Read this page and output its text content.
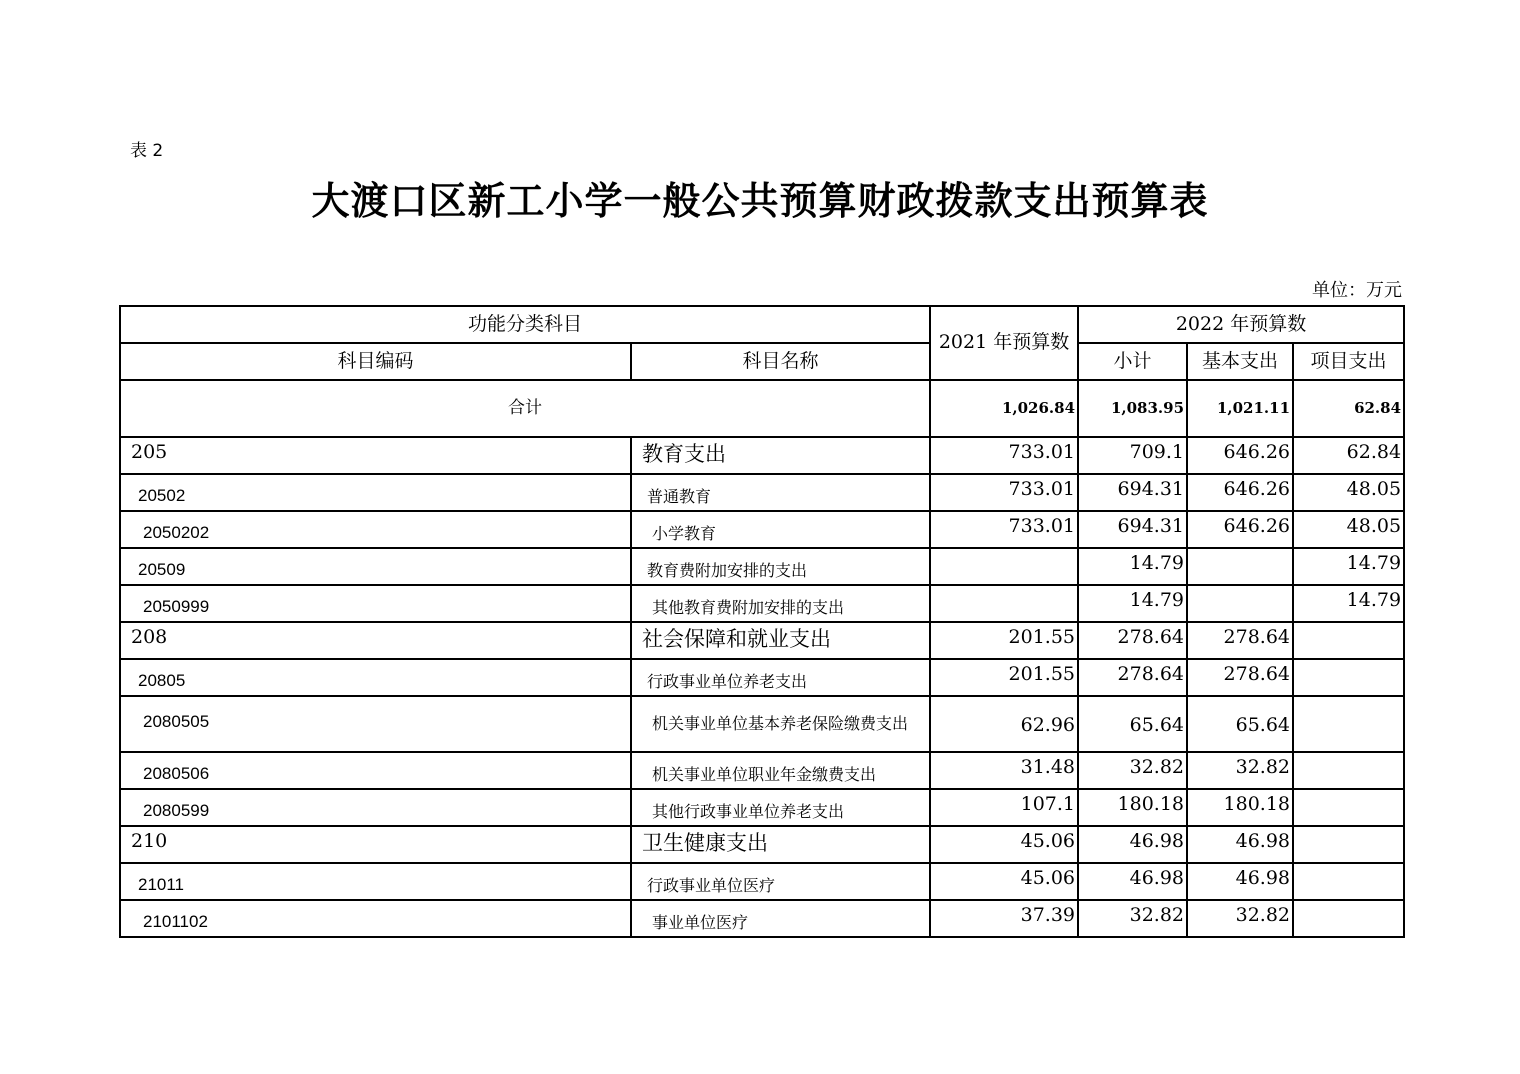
表 2
大渡口区新工小学一般公共预算财政拨款支出预算表
单位：万元
功能分类科目		2021 年预算数	2022 年预算数		
科目编码	科目名称		小计	基本支出	项目支出
合计		1,026.84	1,083.95	1,021.11	62.84
205	教育支出	733.01	709.1	646.26	62.84
20502	普通教育	733.01	694.31	646.26	48.05
2050202	小学教育	733.01	694.31	646.26	48.05
20509	教育费附加安排的支出		14.79		14.79
2050999	其他教育费附加安排的支出		14.79		14.79
208	社会保障和就业支出	201.55	278.64	278.64	
20805	行政事业单位养老支出	201.55	278.64	278.64	
2080505	机关事业单位基本养老保险缴费支出	62.96	65.64	65.64	
2080506	机关事业单位职业年金缴费支出	31.48	32.82	32.82	
2080599	其他行政事业单位养老支出	107.1	180.18	180.18	
210	卫生健康支出	45.06	46.98	46.98	
21011	行政事业单位医疗	45.06	46.98	46.98	
2101102	事业单位医疗	37.39	32.82	32.82	
